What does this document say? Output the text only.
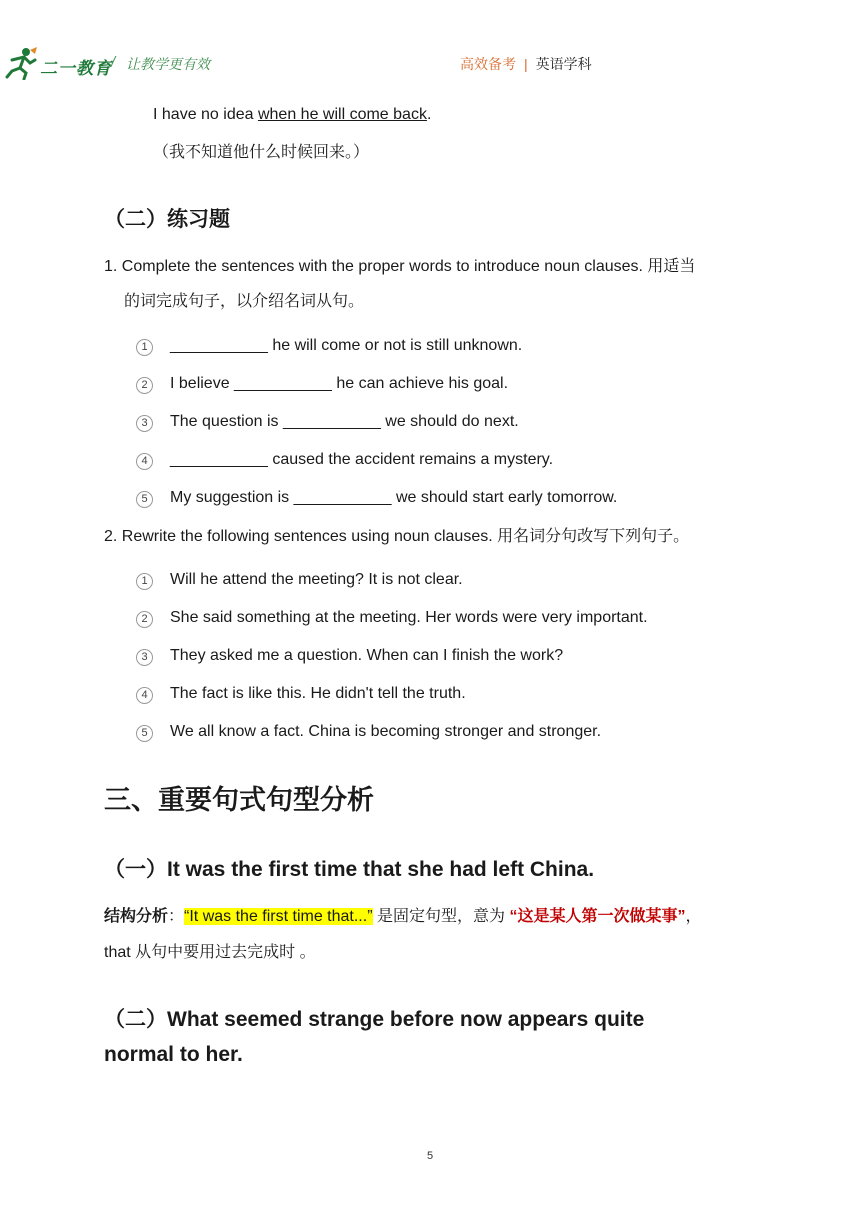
二一教育 / 让教学更有效	高效备考 | 英语学科
I have no idea when he will come back.
（我不知道他什么时候回来。）
（二）练习题
1. Complete the sentences with the proper words to introduce noun clauses. 用适当
的词完成句子，以介绍名词从句。
1	___________ he will come or not is still unknown.
2	I believe ___________ he can achieve his goal.
3	The question is ___________ we should do next.
4	___________ caused the accident remains a mystery.
5	My suggestion is ___________ we should start early tomorrow.
2. Rewrite the following sentences using noun clauses. 用名词分句改写下列句子。
1	Will he attend the meeting? It is not clear.
2	She said something at the meeting. Her words were very important.
3	They asked me a question. When can I finish the work?
4	The fact is like this. He didn't tell the truth.
5	We all know a fact. China is becoming stronger and stronger.
三、重要句式句型分析
（一）It was the first time that she had left China.
结构分析：“It was the first time that...” 是固定句型，意为 “这是某人第一次做某事”，
that 从句中要用过去完成时 。
（二）What seemed strange before now appears quite
normal to her.
5
